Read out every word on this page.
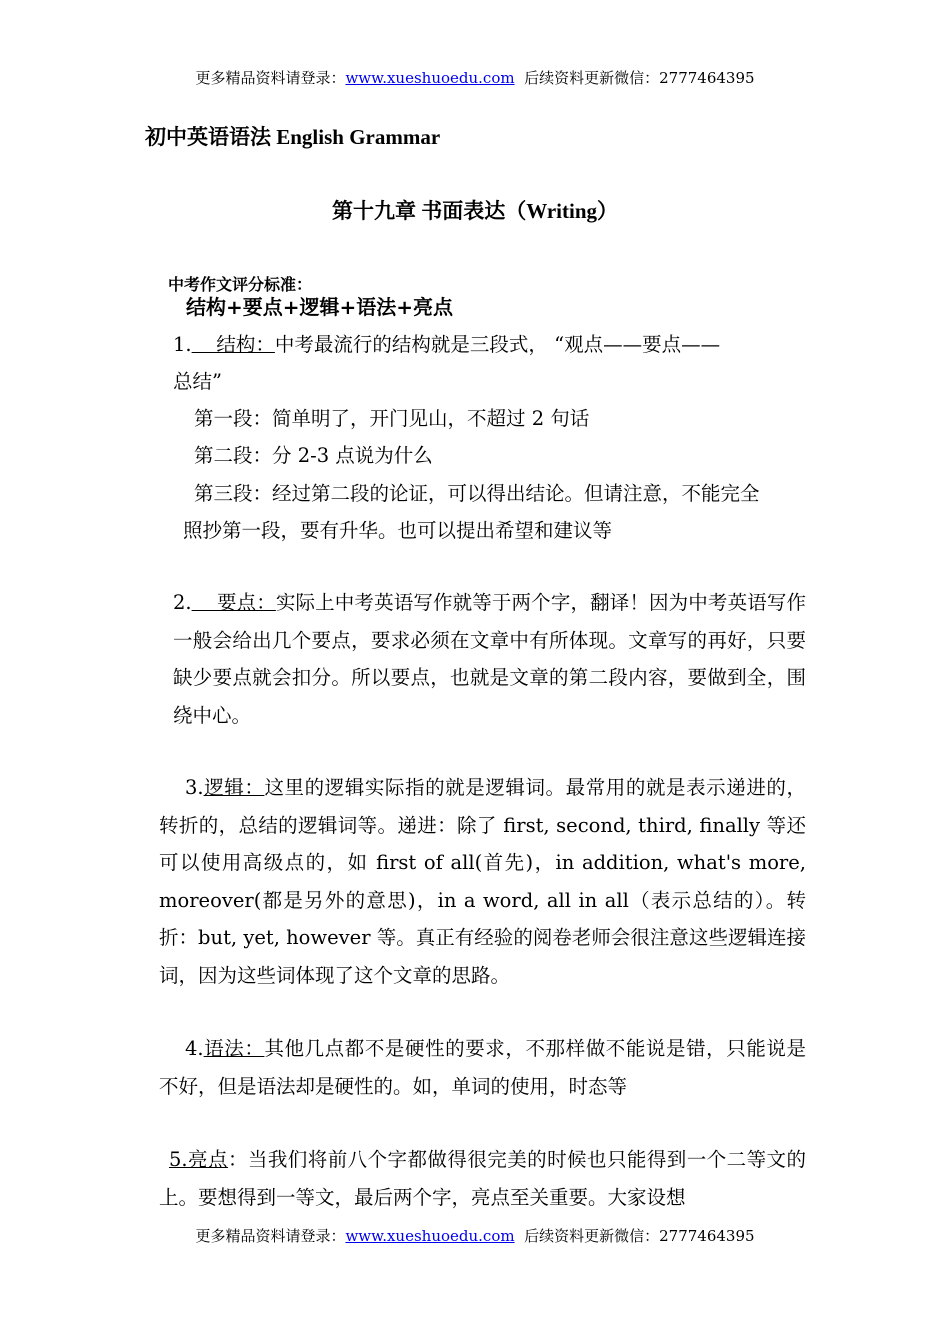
更多精品资料请登录：www.xueshuoedu.com 后续资料更新微信：2777464395
初中英语语法 English Grammar
第十九章 书面表达（Writing）
中考作文评分标准：
结构+要点+逻辑+语法+亮点
1.    结构：中考最流行的结构就是三段式， “观点——要点——
总结”
第一段：简单明了，开门见山，不超过 2 句话
第二段：分 2-3 点说为什么
第三段：经过第二段的论证，可以得出结论。但请注意，不能完全
照抄第一段，要有升华。也可以提出希望和建议等
2.    要点：实际上中考英语写作就等于两个字，翻译！因为中考英语写作一般会给出几个要点，要求必须在文章中有所体现。文章写的再好，只要缺少要点就会扣分。所以要点，也就是文章的第二段内容，要做到全，围绕中心。
3.逻辑：这里的逻辑实际指的就是逻辑词。最常用的就是表示递进的，转折的，总结的逻辑词等。递进：除了 first, second, third, finally 等还可以使用高级点的，如 first of all(首先)，in addition, what's more, moreover(都是另外的意思)，in a word, all in all（表示总结的）。转折：but, yet, however 等。真正有经验的阅卷老师会很注意这些逻辑连接词，因为这些词体现了这个文章的思路。
4.语法：其他几点都不是硬性的要求，不那样做不能说是错，只能说是不好，但是语法却是硬性的。如，单词的使用，时态等
5.亮点：当我们将前八个字都做得很完美的时候也只能得到一个二等文的上。要想得到一等文，最后两个字，亮点至关重要。大家设想
更多精品资料请登录：www.xueshuoedu.com 后续资料更新微信：2777464395
